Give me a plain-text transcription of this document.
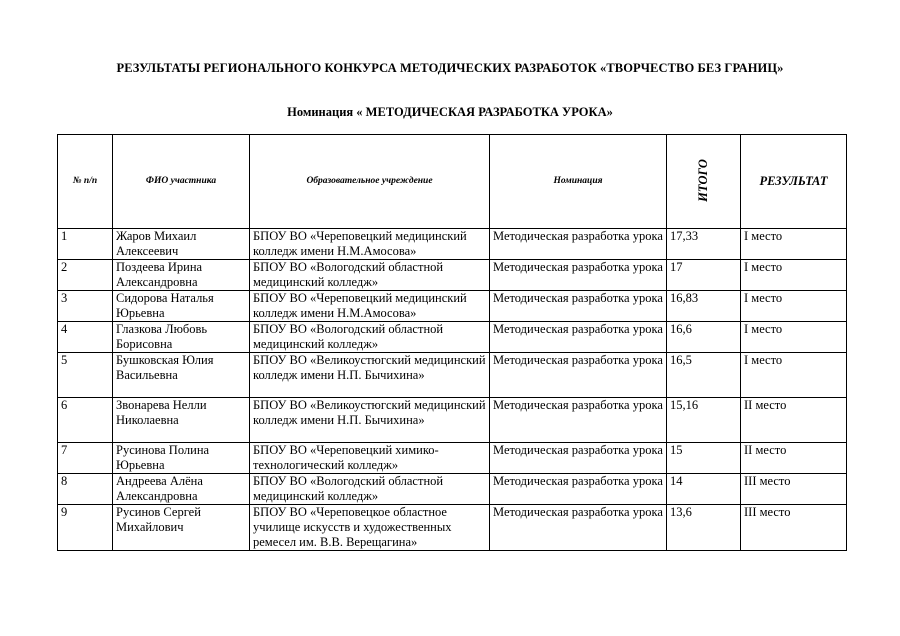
РЕЗУЛЬТАТЫ РЕГИОНАЛЬНОГО КОНКУРСА МЕТОДИЧЕСКИХ РАЗРАБОТОК «ТВОРЧЕСТВО БЕЗ ГРАНИЦ»
Номинация « МЕТОДИЧЕСКАЯ РАЗРАБОТКА УРОКА»
№ п/п	ФИО участника	Образовательное учреждение	Номинация	ИТОГО	РЕЗУЛЬТАТ
1	Жаров Михаил Алексеевич	БПОУ ВО «Череповецкий медицинский колледж имени Н.М.Амосова»	Методическая разработка урока	17,33	I место
2	Поздеева Ирина Александровна	БПОУ ВО «Вологодский областной медицинский колледж»	Методическая разработка урока	17	I место
3	Сидорова Наталья Юрьевна	БПОУ ВО «Череповецкий медицинский колледж имени Н.М.Амосова»	Методическая разработка урока	16,83	I место
4	Глазкова Любовь Борисовна	БПОУ ВО «Вологодский областной медицинский колледж»	Методическая разработка урока	16,6	I место
5	Бушковская Юлия Васильевна	БПОУ ВО «Великоустюгский медицинский колледж имени Н.П. Бычихина»	Методическая разработка урока	16,5	I место
6	Звонарева Нелли Николаевна	БПОУ ВО «Великоустюгский медицинский колледж имени Н.П. Бычихина»	Методическая разработка урока	15,16	II место
7	Русинова Полина Юрьевна	БПОУ ВО «Череповецкий химико-технологический колледж»	Методическая разработка урока	15	II место
8	Андреева Алёна Александровна	БПОУ ВО «Вологодский областной медицинский колледж»	Методическая разработка урока	14	III место
9	Русинов Сергей Михайлович	БПОУ ВО «Череповецкое областное училище искусств и художественных ремесел им. В.В. Верещагина»	Методическая разработка урока	13,6	III место
